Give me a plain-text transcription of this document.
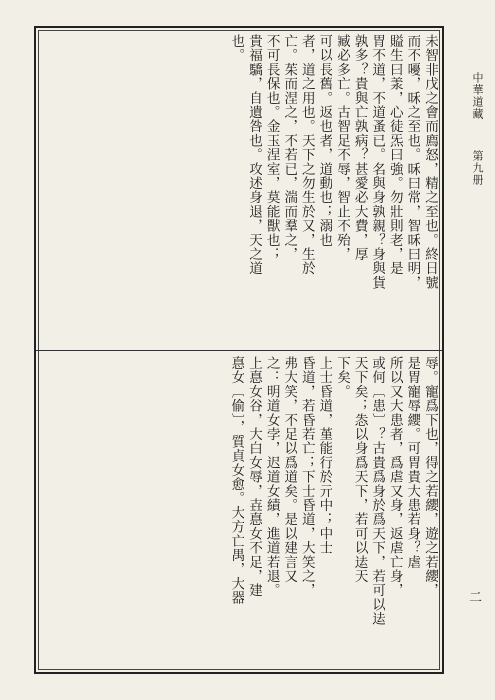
中華道藏
第九册
二
未智非戊之會而廌怒，精之至也。終日號
而不嚘，咊之至也。咊曰常，智咊曰明，
賹生曰羕，心徒炁曰強。勿壯則老，是
胃不道，不道蚤已。名與身孰親？身與貨
孰多？貴與亡孰病？甚愛必大費，厚
臧必多亡。古智足不辱，智止不殆，
可以長舊。返也者，道動也；溺也
者，道之用也。天下之勿生於又，生於
亡。茱而涅之，不若已，湍而羣之，
不可長保也。金玉涅室，莫能獸也；
貴福驕，自遺咎也。攻述身退，天之道
也。
辱。寵爲下也，得之若纓，遊之若纓，
是胃寵辱纓。可胃貴大患若身？虐
所以又大患者，爲虐又身，返虐亡身，
或何〔患〕？古貴爲身於爲天下，若可以迲
天下矣；怣以身爲天下，若可以迲天
下矣。
上士昏道，堇能行於亓中；中士
昏道，若昏若亡；下士昏道，大笑之，
弗大笑，不足以爲道矣。是以建言又
之：明道女孛，迟道女績，進道若退。
上惪女谷，大白女辱，壵惪女不足，建
惪女〔偷〕，質貞女愈。大方亡禺，大器
